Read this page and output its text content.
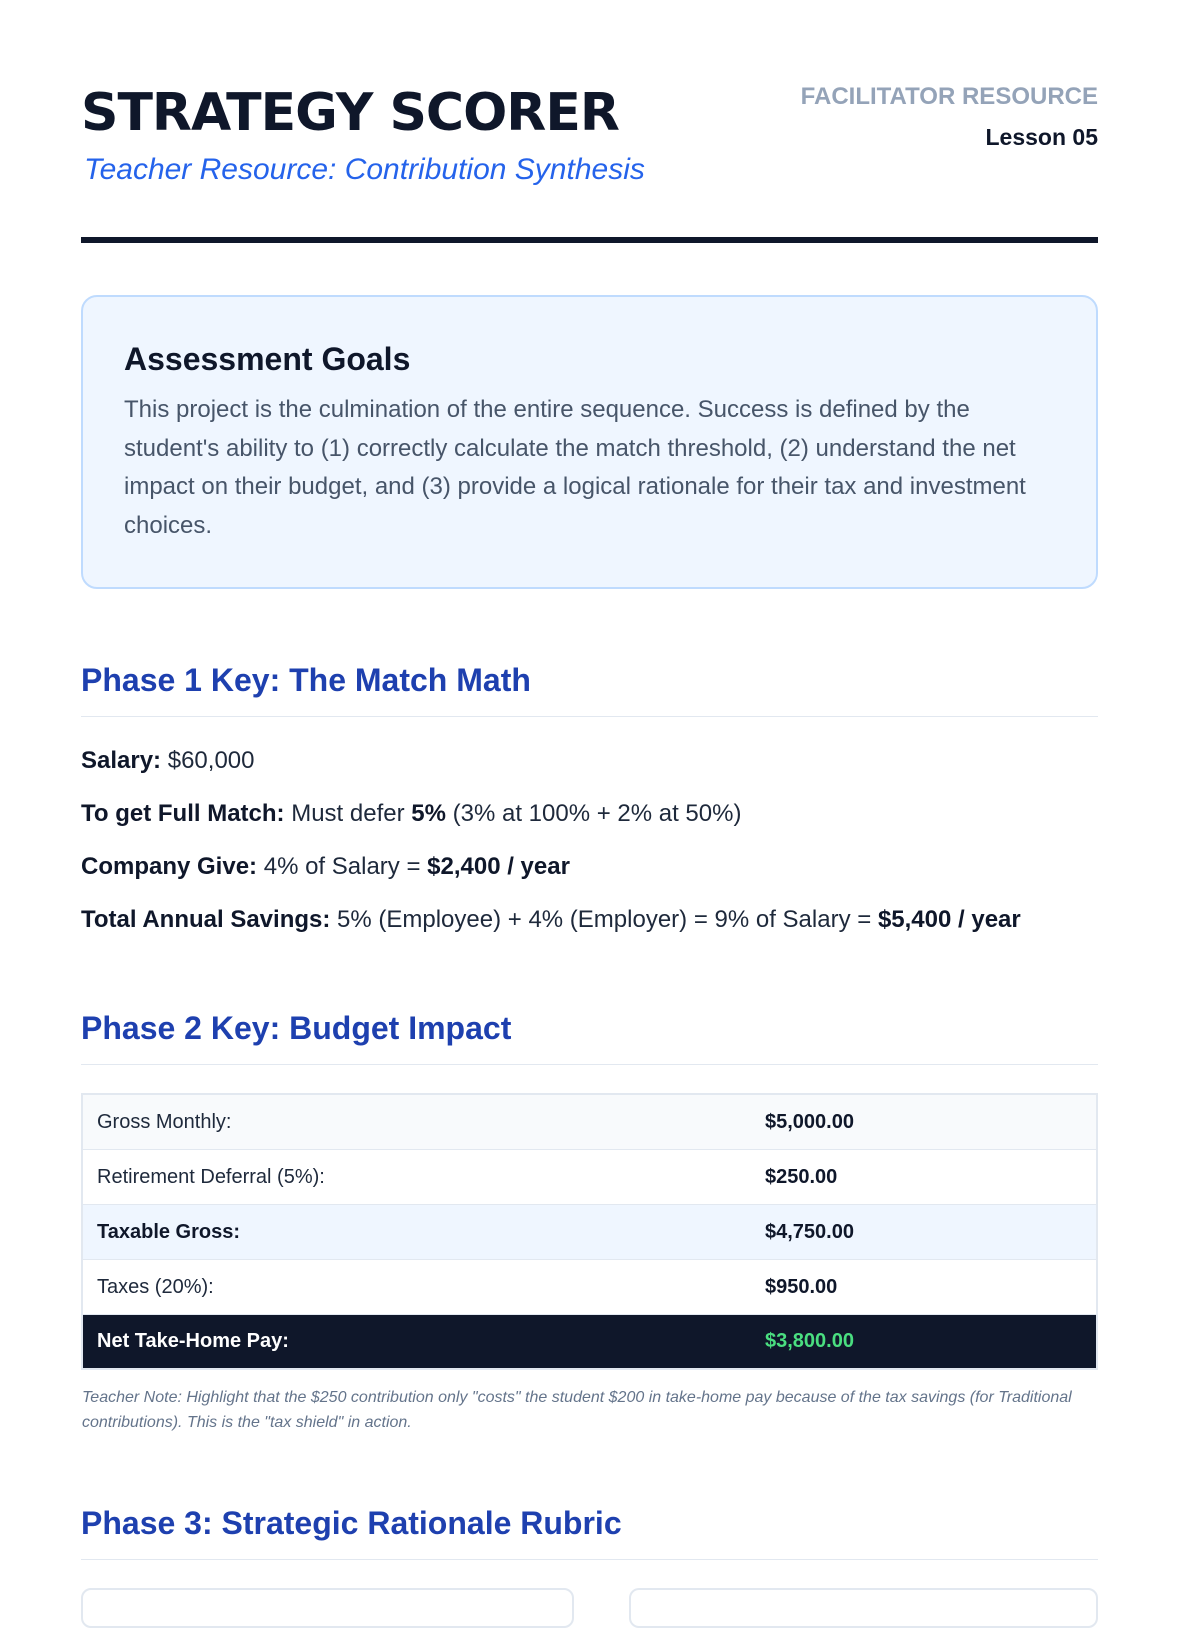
STRATEGY SCORER
Teacher Resource: Contribution Synthesis
FACILITATOR RESOURCE
Lesson 05
Assessment Goals

This project is the culmination of the entire sequence. Success is defined by the student's ability to (1) correctly calculate the match threshold, (2) understand the net impact on their budget, and (3) provide a logical rationale for their tax and investment choices.

Phase 1 Key: The Match Math
Salary: $60,000
To get Full Match: Must defer 5% (3% at 100% + 2% at 50%)
Company Give: 4% of Salary = $2,400 / year
Total Annual Savings: 5% (Employee) + 4% (Employer) = 9% of Salary = $5,400 / year
Phase 2 Key: Budget Impact
Gross Monthly:	$5,000.00
Retirement Deferral (5%):	$250.00
Taxable Gross:	$4,750.00
Taxes (20%):	$950.00
Net Take-Home Pay:	$3,800.00

Teacher Note: Highlight that the $250 contribution only "costs" the student $200 in take-home pay because of the tax savings (for Traditional contributions). This is the "tax shield" in action.

Phase 3: Strategic Rationale Rubric
